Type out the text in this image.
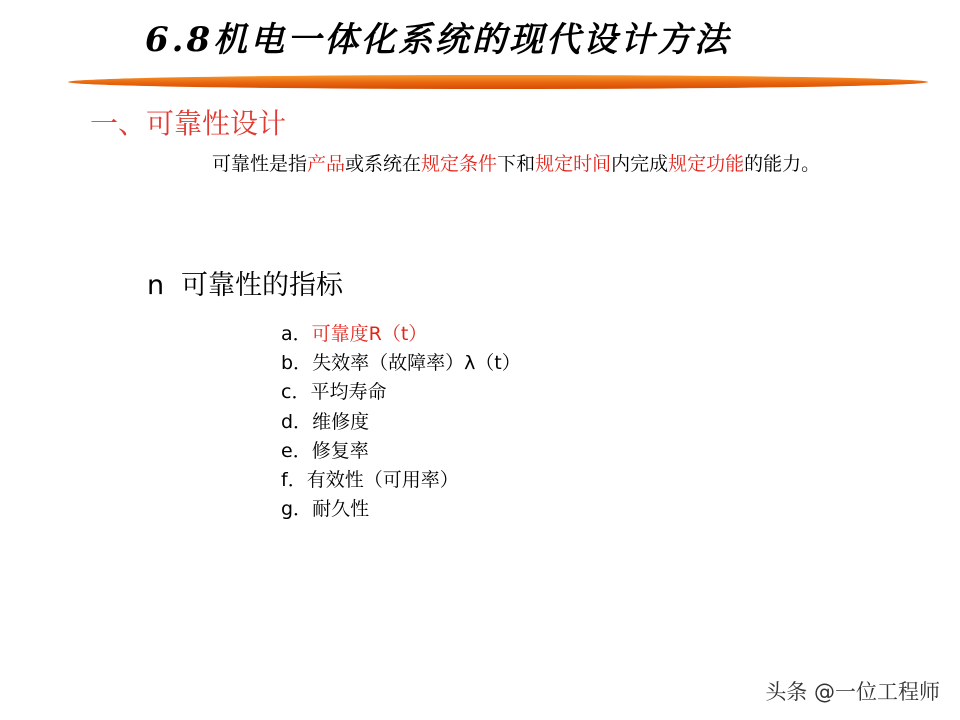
6.8机电一体化系统的现代设计方法
一、可靠性设计
可靠性是指产品或系统在规定条件下和规定时间内完成规定功能的能力。
n 可靠性的指标
a．可靠度R（t）
b．失效率（故障率）λ（t）
c．平均寿命
d．维修度
e．修复率
f．有效性（可用率）
g．耐久性
头条 @一位工程师
